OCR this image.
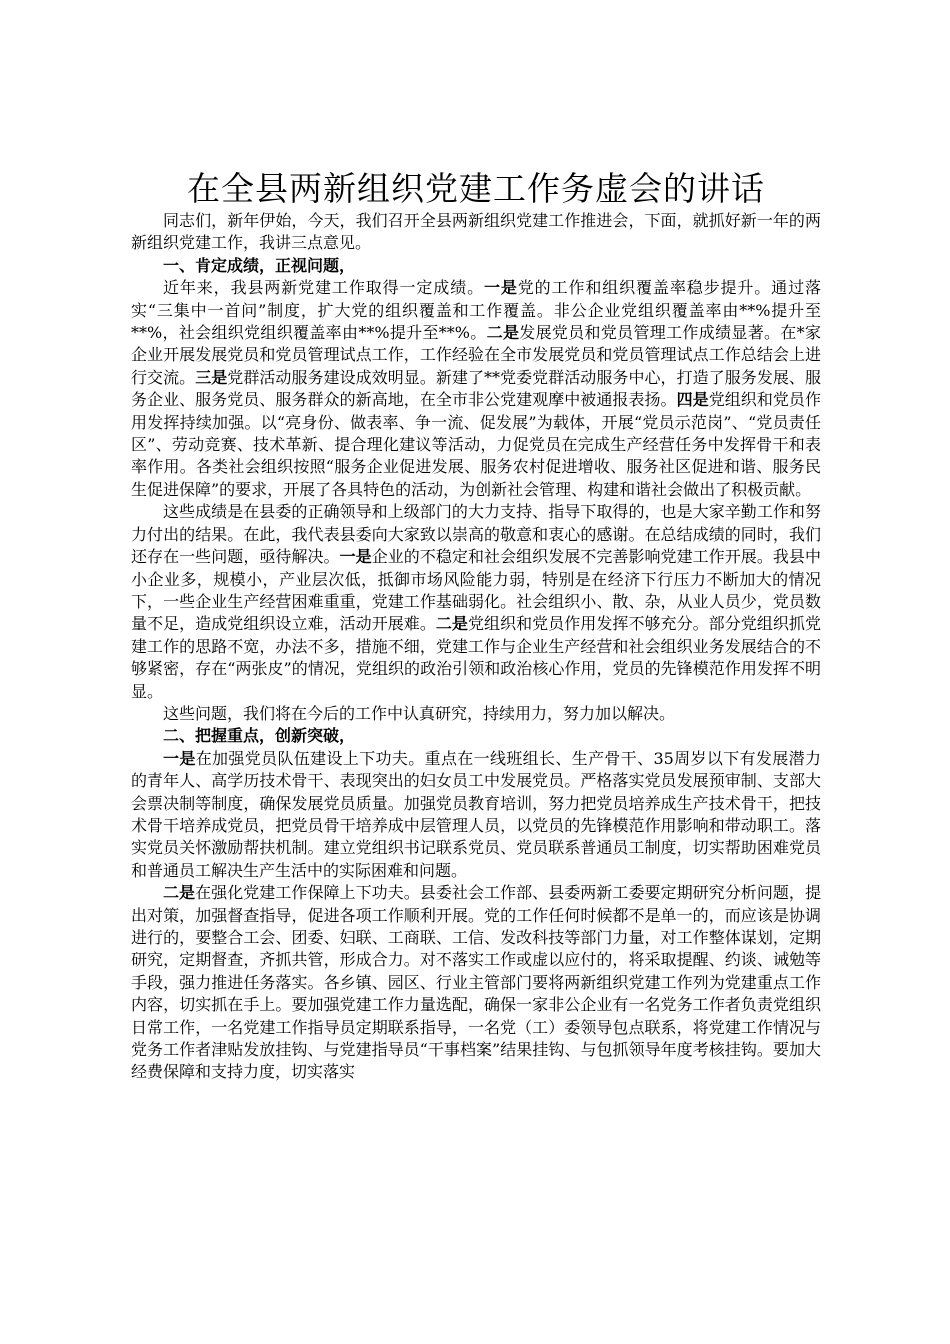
在全县两新组织党建工作务虚会的讲话

同志们，新年伊始，今天，我们召开全县两新组织党建工作推进会，下面，就抓好新一年的两新组织党建工作，我讲三点意见。

一、肯定成绩，正视问题，

近年来，我县两新党建工作取得一定成绩。一是党的工作和组织覆盖率稳步提升。通过落实“三集中一首问”制度，扩大党的组织覆盖和工作覆盖。非公企业党组织覆盖率由**%提升至**%，社会组织党组织覆盖率由**%提升至**%。二是发展党员和党员管理工作成绩显著。在*家企业开展发展党员和党员管理试点工作，工作经验在全市发展党员和党员管理试点工作总结会上进行交流。三是党群活动服务建设成效明显。新建了**党委党群活动服务中心，打造了服务发展、服务企业、服务党员、服务群众的新高地，在全市非公党建观摩中被通报表扬。四是党组织和党员作用发挥持续加强。以“亮身份、做表率、争一流、促发展”为载体，开展“党员示范岗”、“党员责任区”、劳动竞赛、技术革新、提合理化建议等活动，力促党员在完成生产经营任务中发挥骨干和表率作用。各类社会组织按照“服务企业促进发展、服务农村促进增收、服务社区促进和谐、服务民生促进保障”的要求，开展了各具特色的活动，为创新社会管理、构建和谐社会做出了积极贡献。

这些成绩是在县委的正确领导和上级部门的大力支持、指导下取得的，也是大家辛勤工作和努力付出的结果。在此，我代表县委向大家致以崇高的敬意和衷心的感谢。在总结成绩的同时，我们还存在一些问题，亟待解决。一是企业的不稳定和社会组织发展不完善影响党建工作开展。我县中小企业多，规模小，产业层次低，抵御市场风险能力弱，特别是在经济下行压力不断加大的情况下，一些企业生产经营困难重重，党建工作基础弱化。社会组织小、散、杂，从业人员少，党员数量不足，造成党组织设立难，活动开展难。二是党组织和党员作用发挥不够充分。部分党组织抓党建工作的思路不宽，办法不多，措施不细，党建工作与企业生产经营和社会组织业务发展结合的不够紧密，存在“两张皮”的情况，党组织的政治引领和政治核心作用，党员的先锋模范作用发挥不明显。

这些问题，我们将在今后的工作中认真研究，持续用力，努力加以解决。

二、把握重点，创新突破，

一是在加强党员队伍建设上下功夫。重点在一线班组长、生产骨干、35周岁以下有发展潜力的青年人、高学历技术骨干、表现突出的妇女员工中发展党员。严格落实党员发展预审制、支部大会票决制等制度，确保发展党员质量。加强党员教育培训，努力把党员培养成生产技术骨干，把技术骨干培养成党员，把党员骨干培养成中层管理人员，以党员的先锋模范作用影响和带动职工。落实党员关怀激励帮扶机制。建立党组织书记联系党员、党员联系普通员工制度，切实帮助困难党员和普通员工解决生产生活中的实际困难和问题。

二是在强化党建工作保障上下功夫。县委社会工作部、县委两新工委要定期研究分析问题，提出对策，加强督查指导，促进各项工作顺利开展。党的工作任何时候都不是单一的，而应该是协调进行的，要整合工会、团委、妇联、工商联、工信、发改科技等部门力量，对工作整体谋划，定期研究，定期督查，齐抓共管，形成合力。对不落实工作或虚以应付的，将采取提醒、约谈、诫勉等手段，强力推进任务落实。各乡镇、园区、行业主管部门要将两新组织党建工作列为党建重点工作内容，切实抓在手上。要加强党建工作力量选配，确保一家非公企业有一名党务工作者负责党组织日常工作，一名党建工作指导员定期联系指导，一名党（工）委领导包点联系，将党建工作情况与党务工作者津贴发放挂钩、与党建指导员“干事档案”结果挂钩、与包抓领导年度考核挂钩。要加大经费保障和支持力度，切实落实
